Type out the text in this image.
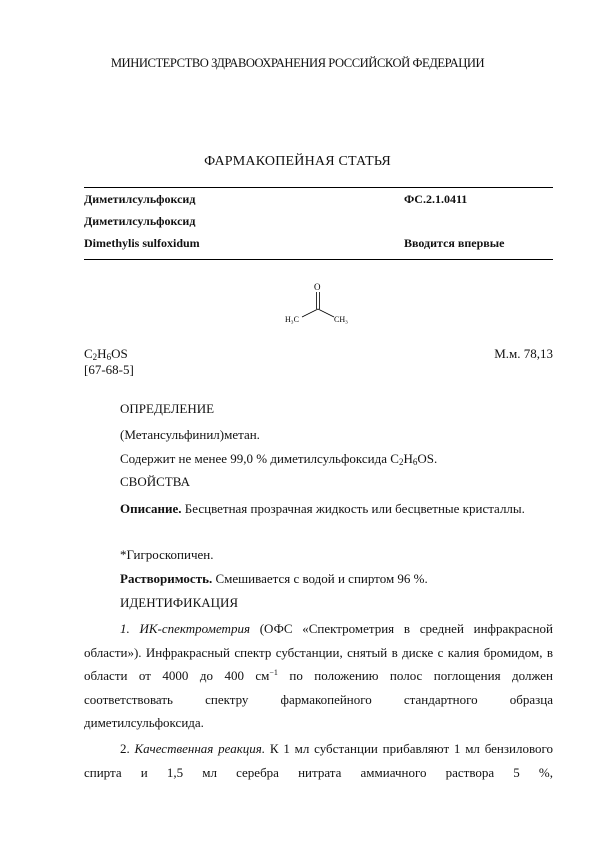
МИНИСТЕРСТВО ЗДРАВООХРАНЕНИЯ РОССИЙСКОЙ ФЕДЕРАЦИИ
ФАРМАКОПЕЙНАЯ СТАТЬЯ
Диметилсульфоксид	ФС.2.1.0411
Диметилсульфоксид
Dimethylis sulfoxidum	Вводится впервые
O
H₃C	CH₃
$C_2H_6OS$	М.м. 78,13
[67-68-5]
ОПРЕДЕЛЕНИЕ
(Метансульфинил)метан.
Содержит не менее 99,0 % диметилсульфоксида $C_2H_6OS$.
СВОЙСТВА
Описание. Бесцветная прозрачная жидкость или бесцветные кристаллы.
*Гигроскопичен.
Растворимость. Смешивается с водой и спиртом 96 %.
ИДЕНТИФИКАЦИЯ
1. ИК-спектрометрия (ОФС «Спектрометрия в средней инфракрасной области»). Инфракрасный спектр субстанции, снятый в диске с калия бромидом, в области от 4000 до 400 $см^{-1}$ по положению полос поглощения должен соответствовать спектру фармакопейного стандартного образца диметилсульфоксида.
2. Качественная реакция. К 1 мл субстанции прибавляют 1 мл бензилового спирта и 1,5 мл серебра нитрата аммиачного раствора 5 %,
